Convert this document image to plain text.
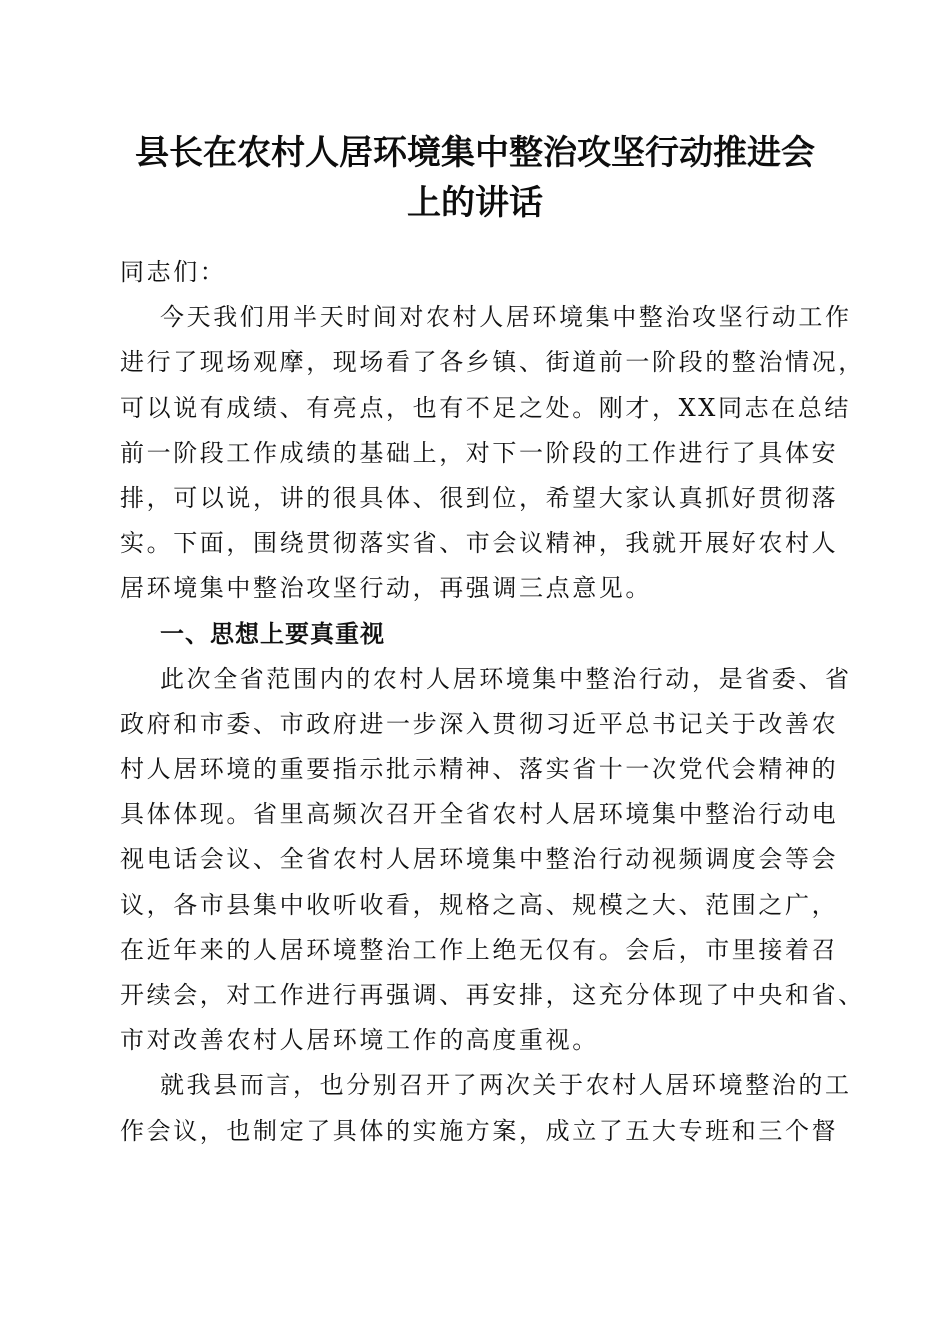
县长在农村人居环境集中整治攻坚行动推进会
上的讲话
同志们：
今天我们用半天时间对农村人居环境集中整治攻坚行动工作
进行了现场观摩，现场看了各乡镇、街道前一阶段的整治情况，
可以说有成绩、有亮点，也有不足之处。刚才，XX同志在总结
前一阶段工作成绩的基础上，对下一阶段的工作进行了具体安
排，可以说，讲的很具体、很到位，希望大家认真抓好贯彻落
实。下面，围绕贯彻落实省、市会议精神，我就开展好农村人
居环境集中整治攻坚行动，再强调三点意见。
一、思想上要真重视
此次全省范围内的农村人居环境集中整治行动，是省委、省
政府和市委、市政府进一步深入贯彻习近平总书记关于改善农
村人居环境的重要指示批示精神、落实省十一次党代会精神的
具体体现。省里高频次召开全省农村人居环境集中整治行动电
视电话会议、全省农村人居环境集中整治行动视频调度会等会
议，各市县集中收听收看，规格之高、规模之大、范围之广，
在近年来的人居环境整治工作上绝无仅有。会后，市里接着召
开续会，对工作进行再强调、再安排，这充分体现了中央和省、
市对改善农村人居环境工作的高度重视。
就我县而言，也分别召开了两次关于农村人居环境整治的工
作会议，也制定了具体的实施方案，成立了五大专班和三个督
